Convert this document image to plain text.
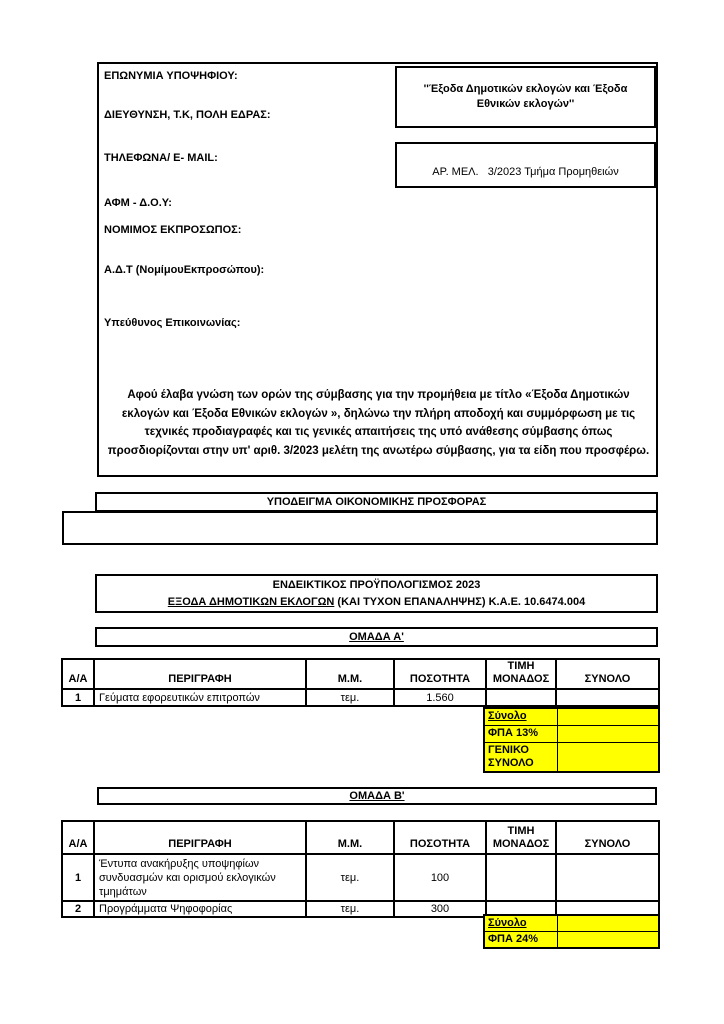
ΕΠΩΝΥΜΙΑ ΥΠΟΨΗΦΙΟΥ:
ΔΙΕΥΘΥΝΣΗ, Τ.Κ, ΠΟΛΗ ΕΔΡΑΣ:
ΤΗΛΕΦΩΝΑ/ Ε- MAIL:
ΑΦΜ - Δ.Ο.Υ:
ΝΟΜΙΜΟΣ ΕΚΠΡΟΣΩΠΟΣ:
Α.Δ.Τ (ΝομίμουΕκπροσώπου):
Υπεύθυνος Επικοινωνίας:
''Έξοδα Δημοτικών εκλογών και Έξοδα Εθνικών εκλογών''
ΑΡ. ΜΕΛ.   3/2023 Τμήμα Προμηθειών
Αφού έλαβα γνώση των ορών της σύμβασης για την προμήθεια με τίτλο «Έξοδα Δημοτικών εκλογών και Έξοδα Εθνικών εκλογών », δηλώνω την πλήρη αποδοχή και συμμόρφωση με τις τεχνικές προδιαγραφές και τις γενικές απαιτήσεις της υπό ανάθεσης σύμβασης όπως προσδιορίζονται στην υπ' αριθ. 3/2023 μελέτη της ανωτέρω σύμβασης, για τα είδη που προσφέρω.
ΥΠΟΔΕΙΓΜΑ ΟΙΚΟΝΟΜΙΚΗΣ ΠΡΟΣΦΟΡΑΣ
ΕΝΔΕΙΚΤΙΚΟΣ ΠΡΟΫΠΟΛΟΓΙΣΜΟΣ 2023
ΕΞΟΔΑ ΔΗΜΟΤΙΚΩΝ ΕΚΛΟΓΩΝ (ΚΑΙ ΤΥΧΟΝ ΕΠΑΝΑΛΗΨΗΣ) Κ.Α.Ε. 10.6474.004
ΟΜΑΔΑ Α'
Α/Α	ΠΕΡΙΓΡΑΦΗ	Μ.Μ.	ΠΟΣΟΤΗΤΑ	ΤΙΜΗ ΜΟΝΑΔΟΣ	ΣΥΝΟΛΟ
1	Γεύματα εφορευτικών επιτροπών	τεμ.	1.560		
Σύνολο	
ΦΠΑ 13%	
ΓΕΝΙΚΟ ΣΥΝΟΛΟ	
ΟΜΑΔΑ Β'
Α/Α	ΠΕΡΙΓΡΑΦΗ	Μ.Μ.	ΠΟΣΟΤΗΤΑ	ΤΙΜΗ ΜΟΝΑΔΟΣ	ΣΥΝΟΛΟ
1	Έντυπα ανακήρυξης υποψηφίων συνδυασμών και ορισμού εκλογικών τμημάτων	τεμ.	100		
2	Προγράμματα Ψηφοφορίας	τεμ.	300		
Σύνολο	
ΦΠΑ 24%	
